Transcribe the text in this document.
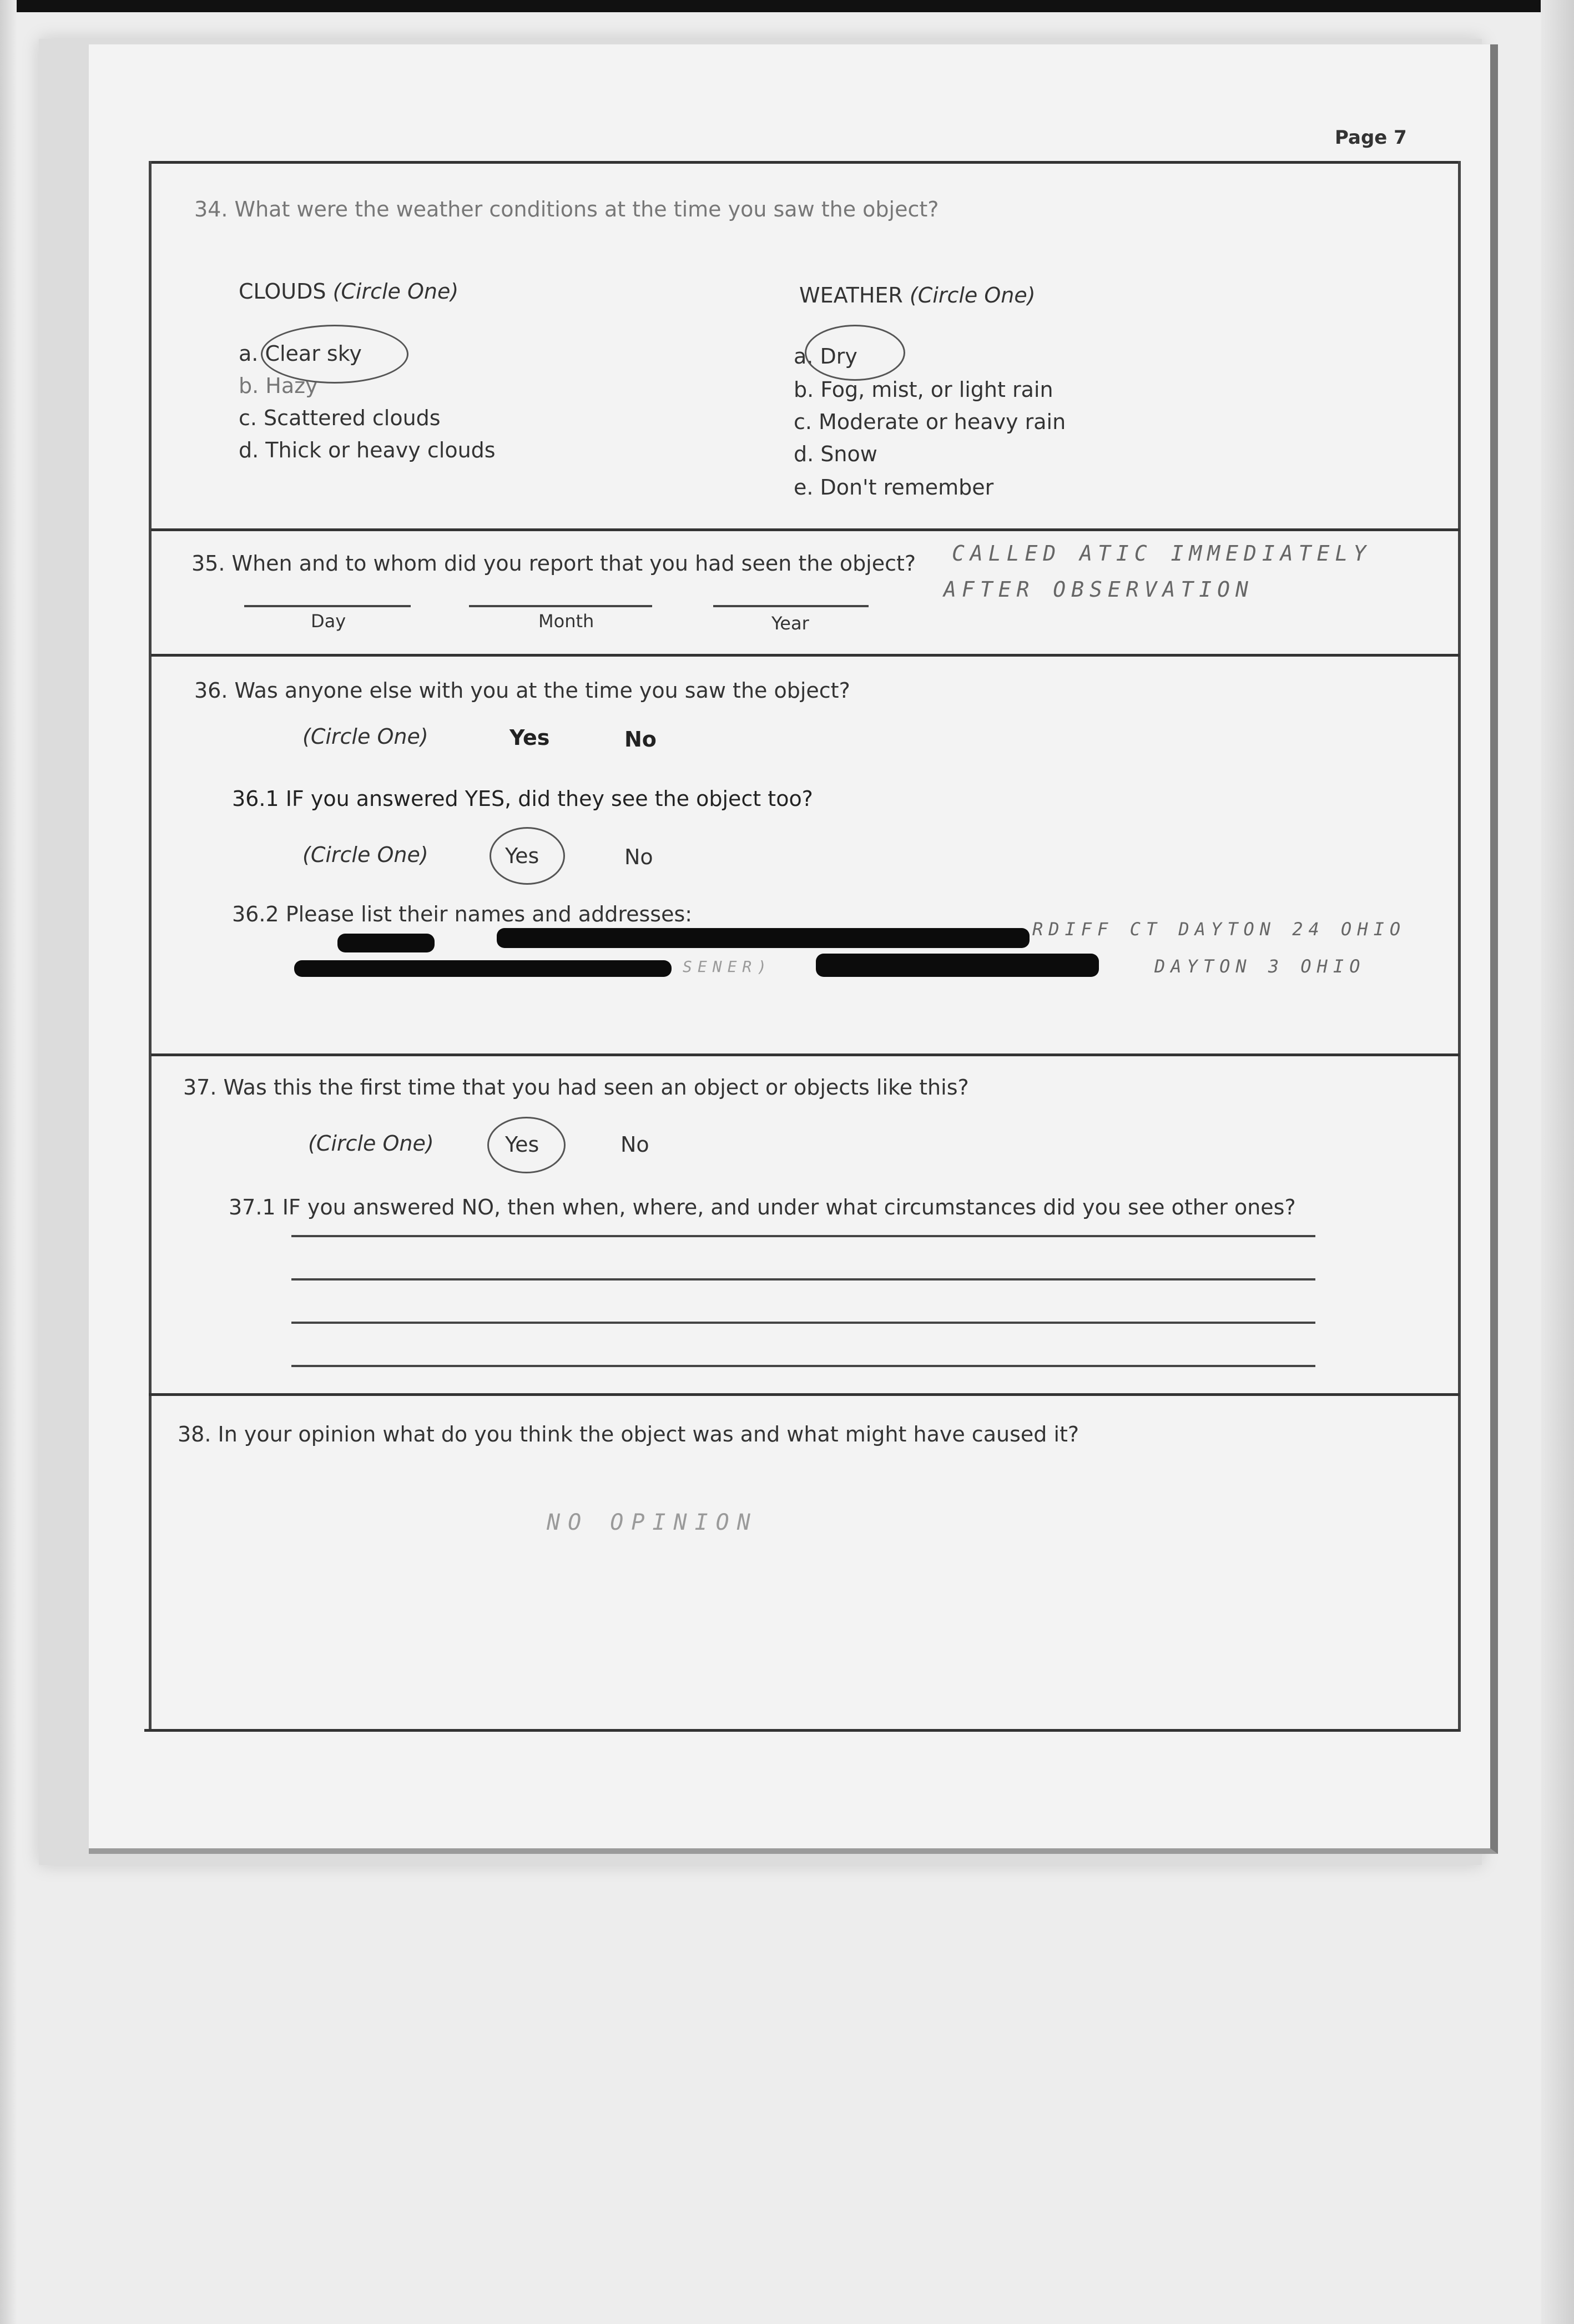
Page 7
34. What were the weather conditions at the time you saw the object?
CLOUDS (Circle One)
a. Clear sky
b. Hazy
c. Scattered clouds
d. Thick or heavy clouds
WEATHER (Circle One)
a. Dry
b. Fog, mist, or light rain
c. Moderate or heavy rain
d. Snow
e. Don't remember
35. When and to whom did you report that you had seen the object? CALLED ATIC IMMEDIATELY
AFTER OBSERVATION
Day	Month	Year
36. Was anyone else with you at the time you saw the object?
(Circle One)	Yes	No
36.1 IF you answered YES, did they see the object too?
(Circle One)	Yes	No
36.2 Please list their names and addresses:
RDIFF CT DAYTON 24 OHIO
SENER)	DAYTON 3 OHIO
37. Was this the first time that you had seen an object or objects like this?
(Circle One)	Yes	No
37.1 IF you answered NO, then when, where, and under what circumstances did you see other ones?
38. In your opinion what do you think the object was and what might have caused it?
NO OPINION
